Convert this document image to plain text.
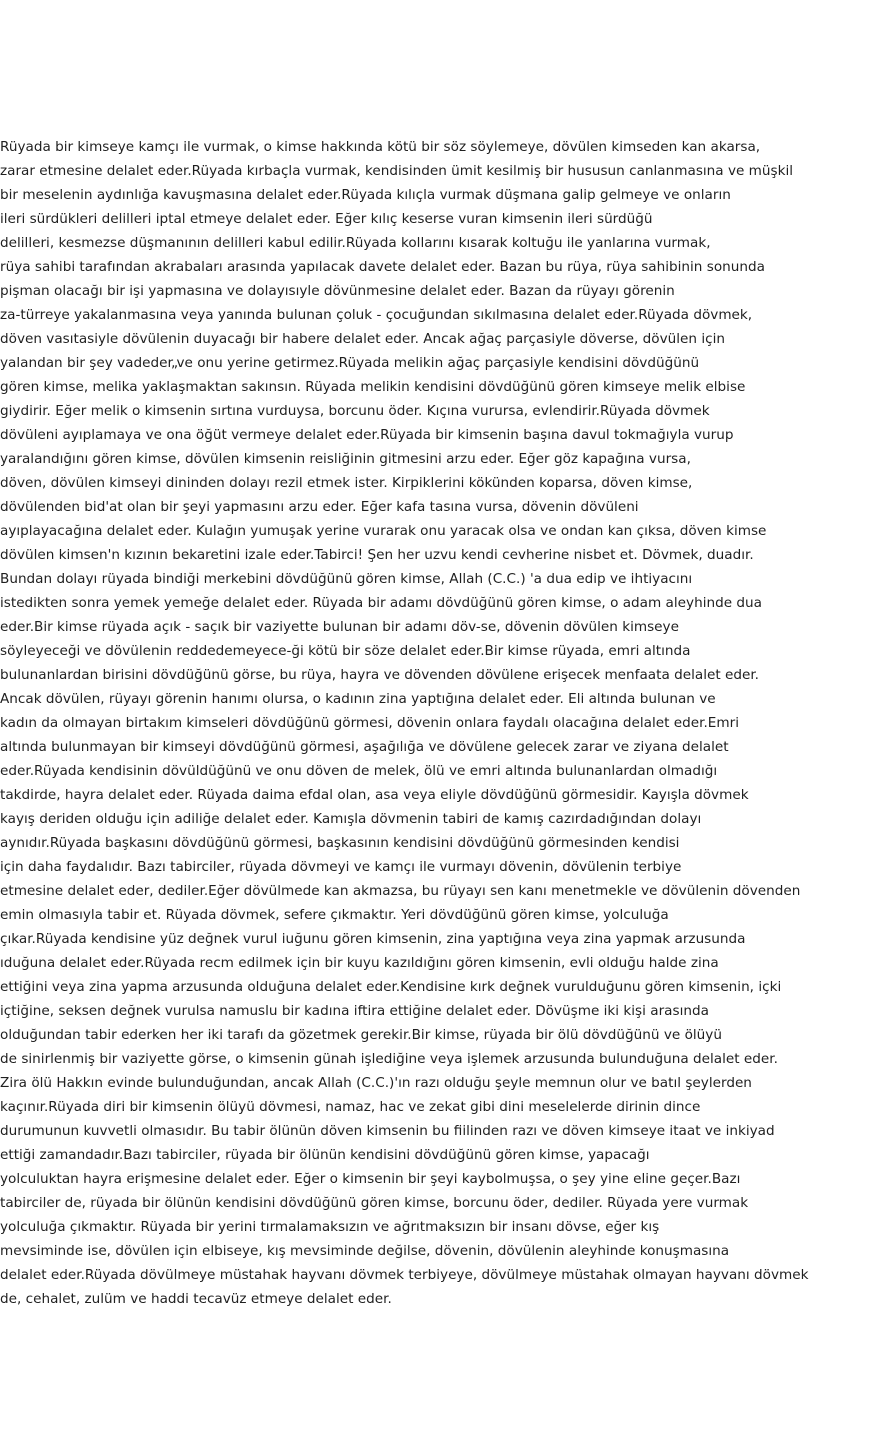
Rüyada bir kimseye kamçı ile vurmak, o kimse hakkında kötü bir söz söylemeye, dövülen kimseden kan akarsa,
zarar etmesine delalet eder.Rüyada kırbaçla vurmak, kendisinden ümit kesilmiş bir hususun canlanmasına ve müşkil
bir meselenin aydınlığa kavuşmasına delalet eder.Rüyada kılıçla vurmak düşmana galip gelmeye ve onların
ileri sürdükleri delilleri iptal etmeye delalet eder. Eğer kılıç keserse vuran kimsenin ileri sürdüğü
delilleri, kesmezse düşmanının delilleri kabul edilir.Rüyada kollarını kısarak koltuğu ile yanlarına vurmak,
rüya sahibi tarafından akrabaları arasında yapılacak davete delalet eder. Bazan bu rüya, rüya sahibinin sonunda
pişman olacağı bir işi yapmasına ve dolayısıyle dövünmesine delalet eder. Bazan da rüyayı görenin
za-türreye yakalanmasına veya yanında bulunan çoluk - çocuğundan sıkılmasına delalet eder.Rüyada dövmek,
döven vasıtasiyle dövülenin duyacağı bir habere delalet eder. Ancak ağaç parçasiyle döverse, dövülen için
yalandan bir şey vadeder„ve onu yerine getirmez.Rüyada melikin ağaç parçasiyle kendisini dövdüğünü
gören kimse, melika yaklaşmaktan sakınsın. Rüyada melikin kendisini dövdüğünü gören kimseye melik elbise
giydirir. Eğer melik o kimsenin sırtına vurduysa, borcunu öder. Kıçına vurursa, evlendirir.Rüyada dövmek
dövüleni ayıplamaya ve ona öğüt vermeye delalet eder.Rüyada bir kimsenin başına davul tokmağıyla vurup
yaralandığını gören kimse, dövülen kimsenin reisliğinin gitmesini arzu eder. Eğer göz kapağına vursa,
döven, dövülen kimseyi dininden dolayı rezil etmek ister. Kirpiklerini kökünden koparsa, döven kimse,
dövülenden bid'at olan bir şeyi yapmasını arzu eder. Eğer kafa tasına vursa, dövenin dövüleni
ayıplayacağına delalet eder. Kulağın yumuşak yerine vurarak onu yaracak olsa ve ondan kan çıksa, döven kimse
dövülen kimsen'n kızının bekaretini izale eder.Tabirci! Şen her uzvu kendi cevherine nisbet et. Dövmek, duadır.
Bundan dolayı rüyada bindiği merkebini dövdüğünü gören kimse, Allah (C.C.) 'a dua edip ve ihtiyacını
istedikten sonra yemek yemeğe delalet eder. Rüyada bir adamı dövdüğünü gören kimse, o adam aleyhinde dua
eder.Bir kimse rüyada açık - saçık bir vaziyette bulunan bir adamı döv-se, dövenin dövülen kimseye
söyleyeceği ve dövülenin reddedemeyece-ği kötü bir söze delalet eder.Bir kimse rüyada, emri altında
bulunanlardan birisini dövdüğünü görse, bu rüya, hayra ve dövenden dövülene erişecek menfaata delalet eder.
Ancak dövülen, rüyayı görenin hanımı olursa, o kadının zina yaptığına delalet eder. Eli altında bulunan ve
kadın da olmayan birtakım kimseleri dövdüğünü görmesi, dövenin onlara faydalı olacağına delalet eder.Emri
altında bulunmayan bir kimseyi dövdüğünü görmesi, aşağılığa ve dövülene gelecek zarar ve ziyana delalet
eder.Rüyada kendisinin dövüldüğünü ve onu döven de melek, ölü ve emri altında bulunanlardan olmadığı
takdirde, hayra delalet eder. Rüyada daima efdal olan, asa veya eliyle dövdüğünü görmesidir. Kayışla dövmek
kayış deriden olduğu için adiliğe delalet eder. Kamışla dövmenin tabiri de kamış cazırdadığından dolayı
aynıdır.Rüyada başkasını dövdüğünü görmesi, başkasının kendisini dövdüğünü görmesinden kendisi
için daha faydalıdır. Bazı tabirciler, rüyada dövmeyi ve kamçı ile vurmayı dövenin, dövülenin terbiye
etmesine delalet eder, dediler.Eğer dövülmede kan akmazsa, bu rüyayı sen kanı menetmekle ve dövülenin dövenden
emin olmasıyla tabir et. Rüyada dövmek, sefere çıkmaktır. Yeri dövdüğünü gören kimse, yolculuğa
çıkar.Rüyada kendisine yüz değnek vurul iuğunu gören kimsenin, zina yaptığına veya zina yapmak arzusunda
ıduğuna delalet eder.Rüyada recm edilmek için bir kuyu kazıldığını gören kimsenin, evli olduğu halde zina
ettiğini veya zina yapma arzusunda olduğuna delalet eder.Kendisine kırk değnek vurulduğunu gören kimsenin, içki
içtiğine, seksen değnek vurulsa namuslu bir kadına iftira ettiğine delalet eder. Dövüşme iki kişi arasında
olduğundan tabir ederken her iki tarafı da gözetmek gerekir.Bir kimse, rüyada bir ölü dövdüğünü ve ölüyü
de sinirlenmiş bir vaziyette görse, o kimsenin günah işlediğine veya işlemek arzusunda bulunduğuna delalet eder.
Zira ölü Hakkın evinde bulunduğundan, ancak Allah (C.C.)'ın razı olduğu şeyle memnun olur ve batıl şeylerden
kaçınır.Rüyada diri bir kimsenin ölüyü dövmesi, namaz, hac ve zekat gibi dini meselelerde dirinin dince
durumunun kuvvetli olmasıdır. Bu tabir ölünün döven kimsenin bu fiilinden razı ve döven kimseye itaat ve inkiyad
ettiği zamandadır.Bazı tabirciler, rüyada bir ölünün kendisini dövdüğünü gören kimse, yapacağı
yolculuktan hayra erişmesine delalet eder. Eğer o kimsenin bir şeyi kaybolmuşsa, o şey yine eline geçer.Bazı
tabirciler de, rüyada bir ölünün kendisini dövdüğünü gören kimse, borcunu öder, dediler. Rüyada yere vurmak
yolculuğa çıkmaktır. Rüyada bir yerini tırmalamaksızın ve ağrıtmaksızın bir insanı dövse, eğer kış
mevsiminde ise, dövülen için elbiseye, kış mevsiminde değilse, dövenin, dövülenin aleyhinde konuşmasına
delalet eder.Rüyada dövülmeye müstahak hayvanı dövmek terbiyeye, dövülmeye müstahak olmayan hayvanı dövmek
de, cehalet, zulüm ve haddi tecavüz etmeye delalet eder.
